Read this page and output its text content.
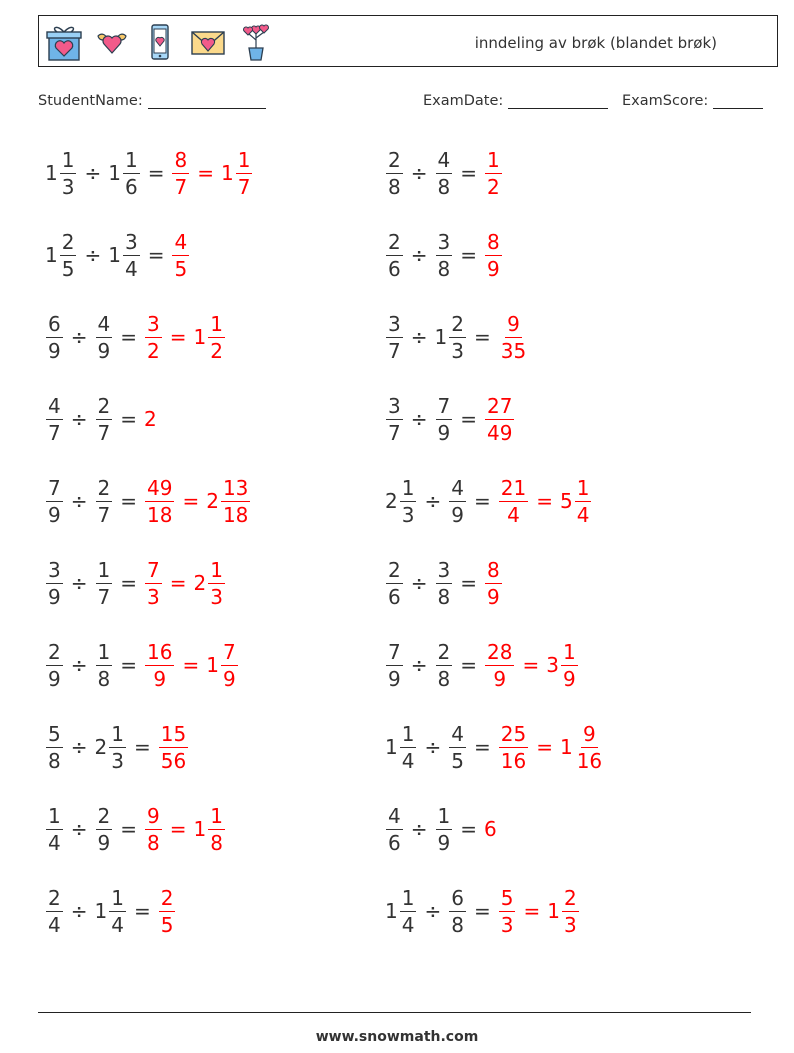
inndeling av brøk (blandet brøk)
StudentName:	ExamDate:	ExamScore:
$1 \frac{1}{3} \div 1 \frac{1}{6} = \frac{8}{7} = 1 \frac{1}{7}$
$1 \frac{2}{5} \div 1 \frac{3}{4} = \frac{4}{5}$
$\frac{6}{9} \div \frac{4}{9} = \frac{3}{2} = 1 \frac{1}{2}$
$\frac{4}{7} \div \frac{2}{7} = 2$
$\frac{7}{9} \div \frac{2}{7} = \frac{49}{18} = 2 \frac{13}{18}$
$\frac{3}{9} \div \frac{1}{7} = \frac{7}{3} = 2 \frac{1}{3}$
$\frac{2}{9} \div \frac{1}{8} = \frac{16}{9} = 1 \frac{7}{9}$
$\frac{5}{8} \div 2 \frac{1}{3} = \frac{15}{56}$
$\frac{1}{4} \div \frac{2}{9} = \frac{9}{8} = 1 \frac{1}{8}$
$\frac{2}{4} \div 1 \frac{1}{4} = \frac{2}{5}$
$\frac{2}{8} \div \frac{4}{8} = \frac{1}{2}$
$\frac{2}{6} \div \frac{3}{8} = \frac{8}{9}$
$\frac{3}{7} \div 1 \frac{2}{3} = \frac{9}{35}$
$\frac{3}{7} \div \frac{7}{9} = \frac{27}{49}$
$2 \frac{1}{3} \div \frac{4}{9} = \frac{21}{4} = 5 \frac{1}{4}$
$\frac{2}{6} \div \frac{3}{8} = \frac{8}{9}$
$\frac{7}{9} \div \frac{2}{8} = \frac{28}{9} = 3 \frac{1}{9}$
$1 \frac{1}{4} \div \frac{4}{5} = \frac{25}{16} = 1 \frac{9}{16}$
$\frac{4}{6} \div \frac{1}{9} = 6$
$1 \frac{1}{4} \div \frac{6}{8} = \frac{5}{3} = 1 \frac{2}{3}$
www.snowmath.com
